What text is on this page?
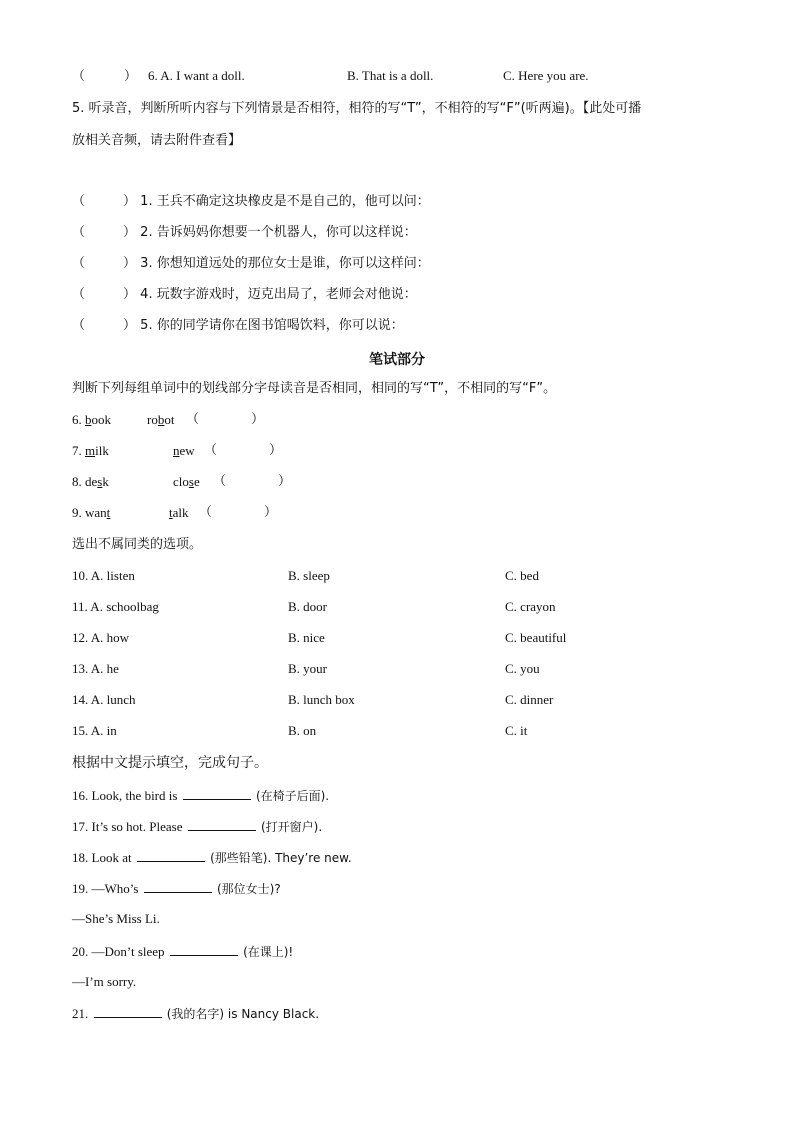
（　　　） 6. A. I want a doll.	B. That is a doll.	C. Here you are.
5. 听录音，判断所听内容与下列情景是否相符，相符的写“T”，不相符的写“F”(听两遍)。【此处可播
放相关音频，请去附件查看】
（	） 1. 王兵不确定这块橡皮是不是自己的，他可以问：
（	） 2. 告诉妈妈你想要一个机器人，你可以这样说：
（	） 3. 你想知道远处的那位女士是谁，你可以这样问：
（	） 4. 玩数字游戏时，迈克出局了，老师会对他说：
（	） 5. 你的同学请你在图书馆喝饮料，你可以说：
笔试部分
判断下列每组单词中的划线部分字母读音是否相同，相同的写“T”，不相同的写“F”。
6. book	robot （　　　　）
7. milk	new （　　　　）
8. desk	close （　　　　）
9. want	talk （　　　　）
选出不属同类的选项。
10. A. listen	B. sleep	C. bed
11. A. schoolbag	B. door	C. crayon
12. A. how	B. nice	C. beautiful
13. A. he	B. your	C. you
14. A. lunch	B. lunch box	C. dinner
15. A. in	B. on	C. it
根据中文提示填空，完成句子。
16. Look, the bird is	(在椅子后面).
17. It’s so hot. Please	(打开窗户).
18. Look at	(那些铅笔). They’re new.
19. —Who’s	(那位女士)?
—She’s Miss Li.
20. —Don’t sleep	(在课上)!
—I’m sorry.
21.	(我的名字) is Nancy Black.
